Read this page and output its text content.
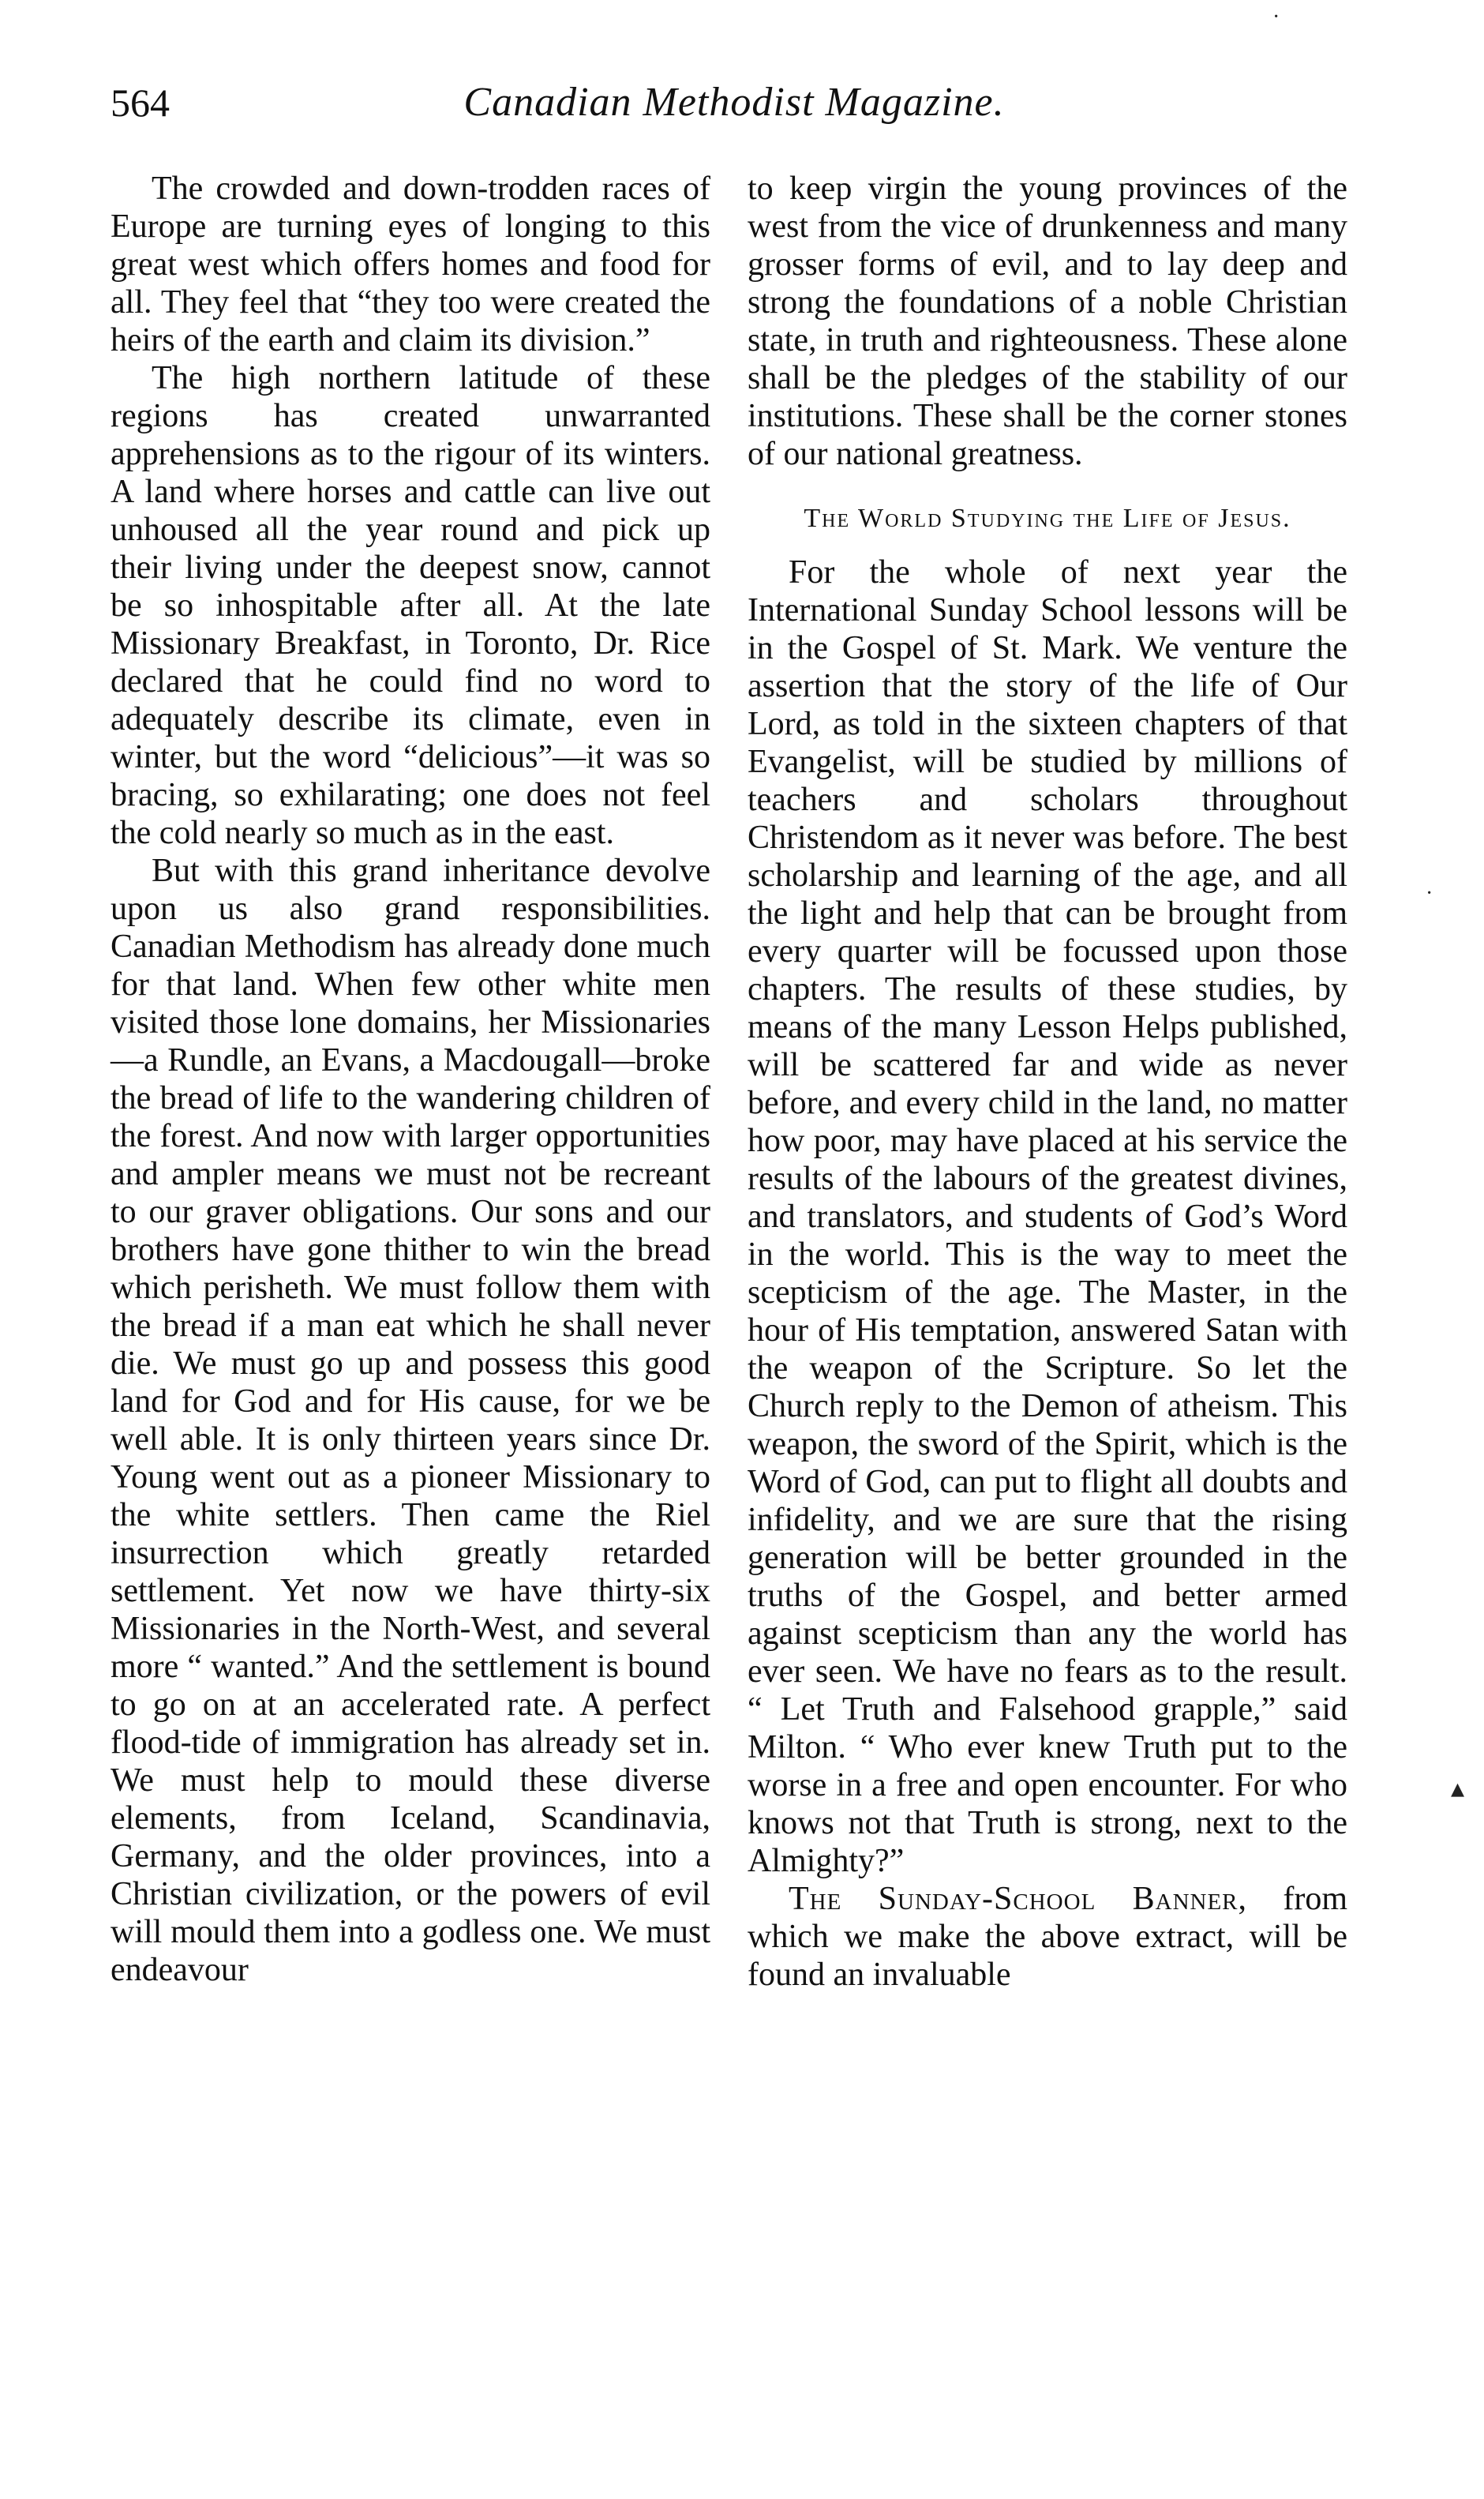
564	Canadian Methodist Magazine.

The crowded and down-trodden races of Europe are turning eyes of longing to this great west which offers homes and food for all. They feel that “they too were created the heirs of the earth and claim its division.”

The high northern latitude of these regions has created unwarranted apprehensions as to the rigour of its winters. A land where horses and cattle can live out unhoused all the year round and pick up their living under the deepest snow, cannot be so inhospitable after all. At the late Missionary Breakfast, in Toronto, Dr. Rice declared that he could find no word to adequately describe its climate, even in winter, but the word “delicious”—it was so bracing, so exhilarating; one does not feel the cold nearly so much as in the east.

But with this grand inheritance devolve upon us also grand responsibilities. Canadian Methodism has already done much for that land. When few other white men visited those lone domains, her Missionaries—a Rundle, an Evans, a Macdougall—broke the bread of life to the wandering children of the forest. And now with larger opportunities and ampler means we must not be recreant to our graver obligations. Our sons and our brothers have gone thither to win the bread which perisheth. We must follow them with the bread if a man eat which he shall never die. We must go up and possess this good land for God and for His cause, for we be well able. It is only thirteen years since Dr. Young went out as a pioneer Missionary to the white settlers. Then came the Riel insurrection which greatly retarded settlement. Yet now we have thirty-six Missionaries in the North-West, and several more “ wanted.” And the settlement is bound to go on at an accelerated rate. A perfect flood-tide of immigration has already set in. We must help to mould these diverse elements, from Iceland, Scandinavia, Germany, and the older provinces, into a Christian civilization, or the powers of evil will mould them into a godless one. We must endeavour

to keep virgin the young provinces of the west from the vice of drunkenness and many grosser forms of evil, and to lay deep and strong the foundations of a noble Christian state, in truth and righteousness. These alone shall be the pledges of the stability of our institutions. These shall be the corner stones of our national greatness.

The World Studying the Life of Jesus.

For the whole of next year the International Sunday School lessons will be in the Gospel of St. Mark. We venture the assertion that the story of the life of Our Lord, as told in the sixteen chapters of that Evangelist, will be studied by millions of teachers and scholars throughout Christendom as it never was before. The best scholarship and learning of the age, and all the light and help that can be brought from every quarter will be focussed upon those chapters. The results of these studies, by means of the many Lesson Helps published, will be scattered far and wide as never before, and every child in the land, no matter how poor, may have placed at his service the results of the labours of the greatest divines, and translators, and students of God’s Word in the world. This is the way to meet the scepticism of the age. The Master, in the hour of His temptation, answered Satan with the weapon of the Scripture. So let the Church reply to the Demon of atheism. This weapon, the sword of the Spirit, which is the Word of God, can put to flight all doubts and infidelity, and we are sure that the rising generation will be better grounded in the truths of the Gospel, and better armed against scepticism than any the world has ever seen. We have no fears as to the result. “ Let Truth and Falsehood grapple,” said Milton. “ Who ever knew Truth put to the worse in a free and open encounter. For who knows not that Truth is strong, next to the Almighty?”

The Sunday-School Banner, from which we make the above extract, will be found an invaluable

·
·
▴
